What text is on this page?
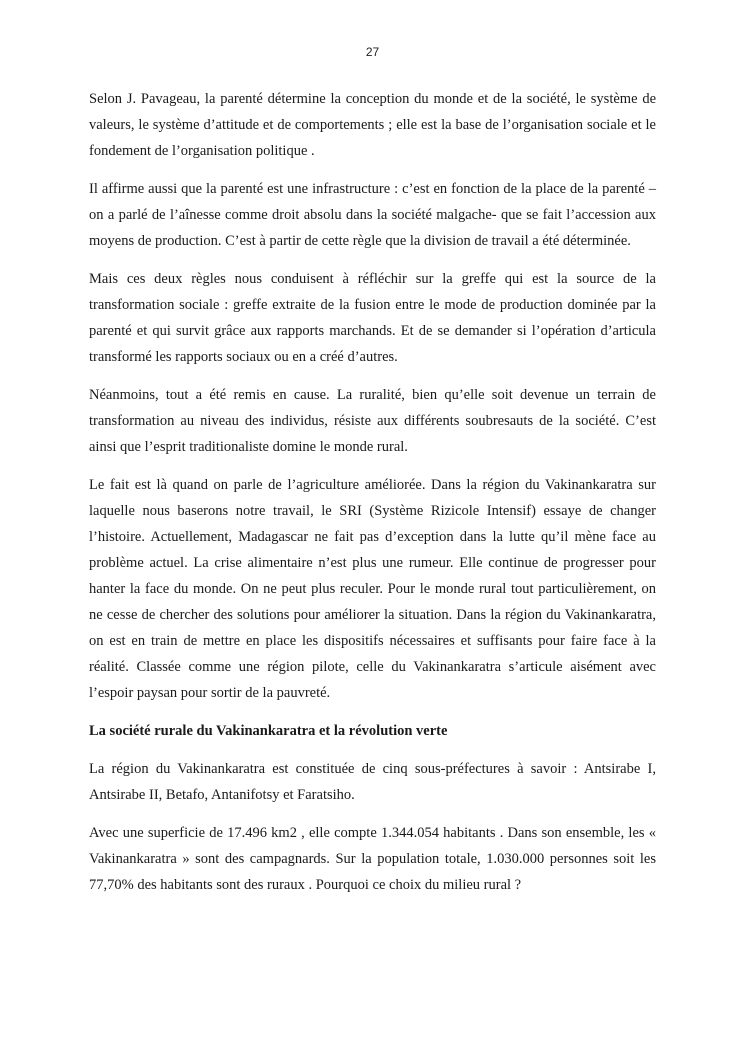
27

Selon J. Pavageau, la parenté détermine la conception du monde et de la société, le système de valeurs, le système d’attitude et de comportements ; elle est la base de l’organisation sociale et le fondement de l’organisation politique .

Il affirme aussi que la parenté est une infrastructure : c’est en fonction de la place de la parenté – on a parlé de l’aînesse comme droit absolu dans la société malgache- que se fait l’accession aux moyens de production. C’est à partir de cette règle que la division de travail a été déterminée.

Mais ces deux règles nous conduisent à réfléchir sur la greffe qui est la source de la transformation sociale : greffe extraite de la fusion entre le mode de production dominée par la parenté et qui survit grâce aux rapports marchands. Et de se demander si l’opération d’articula transformé les rapports sociaux ou en a créé d’autres.

Néanmoins, tout a été remis en cause. La ruralité, bien qu’elle soit devenue un terrain de transformation au niveau des individus, résiste aux différents soubresauts de la société. C’est ainsi que l’esprit traditionaliste domine le monde rural.

Le fait est là quand on parle de l’agriculture améliorée. Dans la région du Vakinankaratra sur laquelle nous baserons notre travail, le SRI (Système Rizicole Intensif) essaye de changer l’histoire. Actuellement, Madagascar ne fait pas d’exception dans la lutte qu’il mène face au problème actuel. La crise alimentaire n’est plus une rumeur. Elle continue de progresser pour hanter la face du monde. On ne peut plus reculer. Pour le monde rural tout particulièrement, on ne cesse de chercher des solutions pour améliorer la situation. Dans la région du Vakinankaratra, on est en train de mettre en place les dispositifs nécessaires et suffisants pour faire face à la réalité. Classée comme une région pilote, celle du Vakinankaratra s’articule aisément avec l’espoir paysan pour sortir de la pauvreté.

La société rurale du Vakinankaratra et la révolution verte

La région du Vakinankaratra est constituée de cinq sous-préfectures à savoir : Antsirabe I, Antsirabe II, Betafo, Antanifotsy et Faratsiho.

Avec une superficie de 17.496 km2 , elle compte 1.344.054 habitants . Dans son ensemble, les « Vakinankaratra » sont des campagnards. Sur la population totale, 1.030.000 personnes soit les 77,70% des habitants sont des ruraux . Pourquoi ce choix du milieu rural ?
